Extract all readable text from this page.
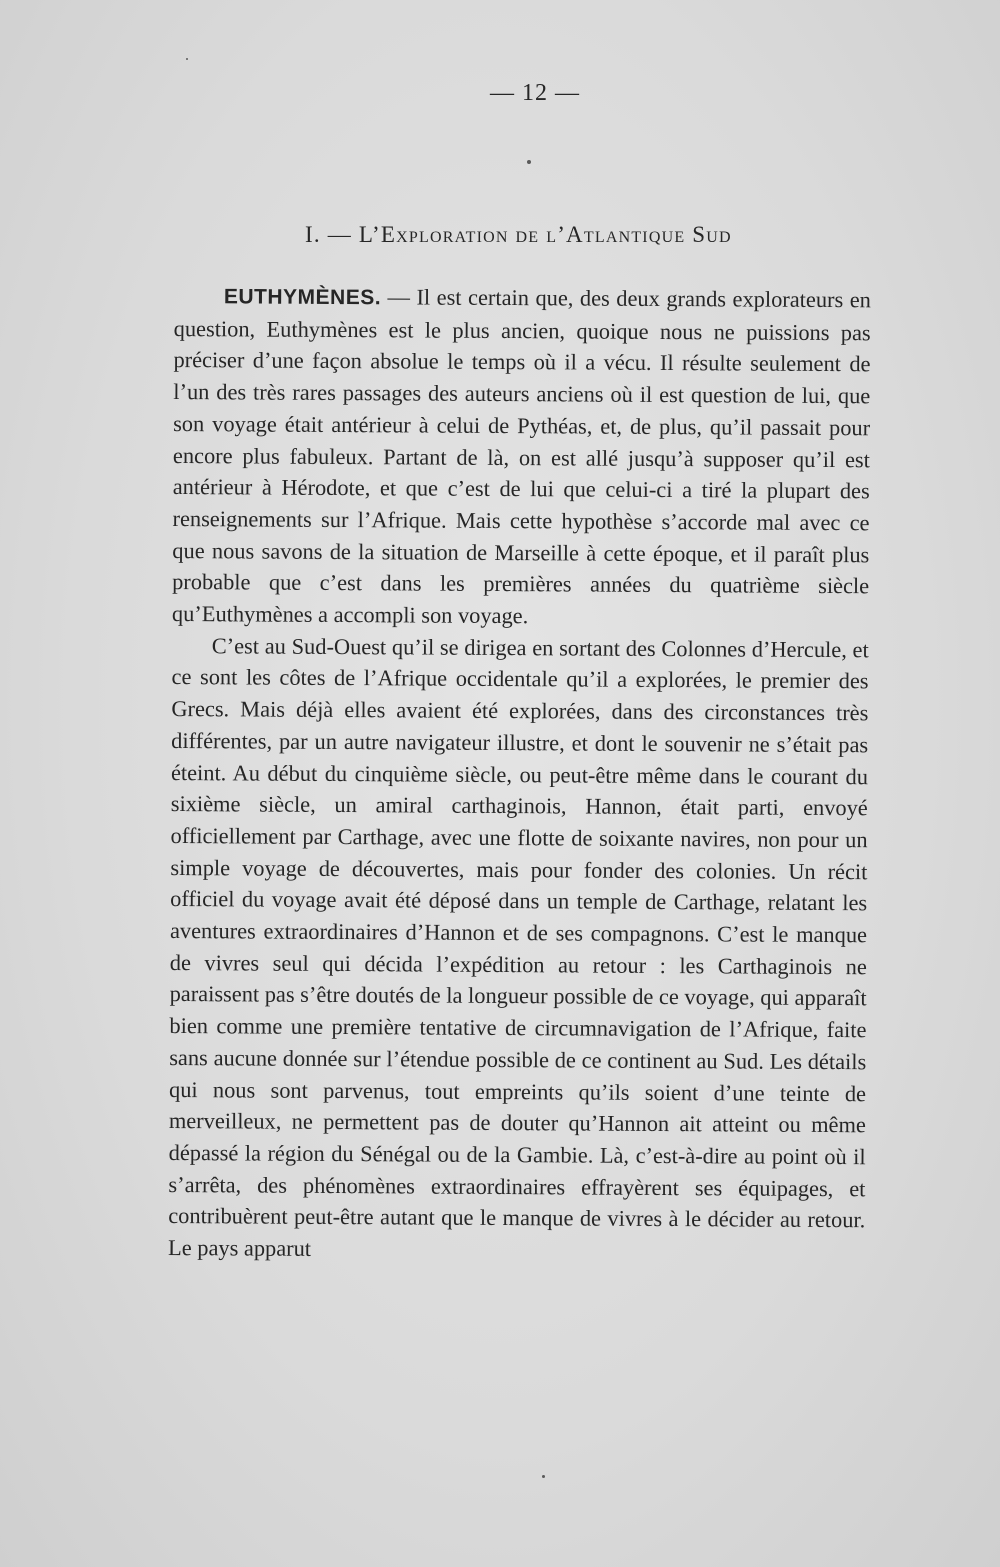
— 12 —
I. — L’Exploration de l’Atlantique Sud

EUTHYMÈNES. — Il est certain que, des deux grands explorateurs en question, Euthymènes est le plus ancien, quoique nous ne puissions pas préciser d’une façon absolue le temps où il a vécu. Il résulte seulement de l’un des très rares passages des auteurs anciens où il est question de lui, que son voyage était antérieur à celui de Pythéas, et, de plus, qu’il passait pour encore plus fabuleux. Partant de là, on est allé jusqu’à supposer qu’il est antérieur à Hérodote, et que c’est de lui que celui-ci a tiré la plupart des renseignements sur l’Afrique. Mais cette hypothèse s’accorde mal avec ce que nous savons de la situation de Marseille à cette époque, et il paraît plus probable que c’est dans les premières années du quatrième siècle qu’Euthymènes a accompli son voyage.

C’est au Sud-Ouest qu’il se dirigea en sortant des Colonnes d’Hercule, et ce sont les côtes de l’Afrique occidentale qu’il a explorées, le premier des Grecs. Mais déjà elles avaient été explorées, dans des circonstances très différentes, par un autre navigateur illustre, et dont le souvenir ne s’était pas éteint. Au début du cinquième siècle, ou peut-être même dans le courant du sixième siècle, un amiral carthaginois, Hannon, était parti, envoyé officiellement par Carthage, avec une flotte de soixante navires, non pour un simple voyage de découvertes, mais pour fonder des colonies. Un récit officiel du voyage avait été déposé dans un temple de Carthage, relatant les aventures extraordinaires d’Hannon et de ses compagnons. C’est le manque de vivres seul qui décida l’expédition au retour : les Carthaginois ne paraissent pas s’être doutés de la longueur possible de ce voyage, qui apparaît bien comme une première tentative de circumnavigation de l’Afrique, faite sans aucune donnée sur l’étendue possible de ce continent au Sud. Les détails qui nous sont parvenus, tout empreints qu’ils soient d’une teinte de merveilleux, ne permettent pas de douter qu’Hannon ait atteint ou même dépassé la région du Sénégal ou de la Gambie. Là, c’est-à-dire au point où il s’arrêta, des phénomènes extraordinaires effrayèrent ses équipages, et contribuèrent peut-être autant que le manque de vivres à le décider au retour. Le pays apparut
